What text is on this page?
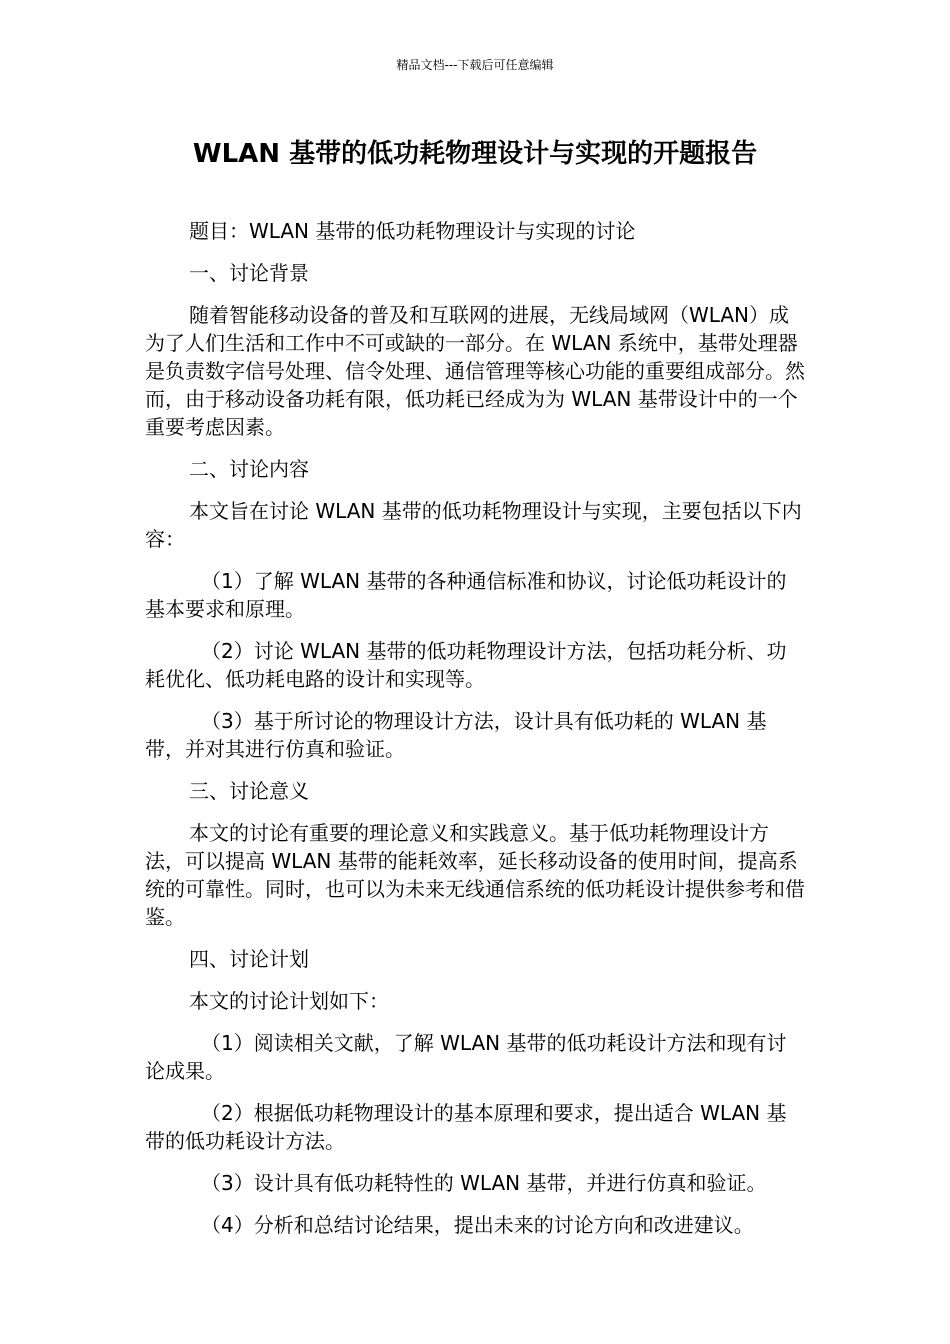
精品文档---下载后可任意编辑
WLAN 基带的低功耗物理设计与实现的开题报告

题目：WLAN 基带的低功耗物理设计与实现的讨论

一、讨论背景

随着智能移动设备的普及和互联网的进展，无线局域网（WLAN）成为了人们生活和工作中不可或缺的一部分。在 WLAN 系统中，基带处理器是负责数字信号处理、信令处理、通信管理等核心功能的重要组成部分。然而，由于移动设备功耗有限，低功耗已经成为为 WLAN 基带设计中的一个重要考虑因素。

二、讨论内容

本文旨在讨论 WLAN 基带的低功耗物理设计与实现，主要包括以下内容：

（1）了解 WLAN 基带的各种通信标准和协议，讨论低功耗设计的基本要求和原理。

（2）讨论 WLAN 基带的低功耗物理设计方法，包括功耗分析、功耗优化、低功耗电路的设计和实现等。

（3）基于所讨论的物理设计方法，设计具有低功耗的 WLAN 基带，并对其进行仿真和验证。

三、讨论意义

本文的讨论有重要的理论意义和实践意义。基于低功耗物理设计方法，可以提高 WLAN 基带的能耗效率，延长移动设备的使用时间，提高系统的可靠性。同时，也可以为未来无线通信系统的低功耗设计提供参考和借鉴。

四、讨论计划

本文的讨论计划如下：

（1）阅读相关文献，了解 WLAN 基带的低功耗设计方法和现有讨论成果。

（2）根据低功耗物理设计的基本原理和要求，提出适合 WLAN 基带的低功耗设计方法。

（3）设计具有低功耗特性的 WLAN 基带，并进行仿真和验证。

（4）分析和总结讨论结果，提出未来的讨论方向和改进建议。
